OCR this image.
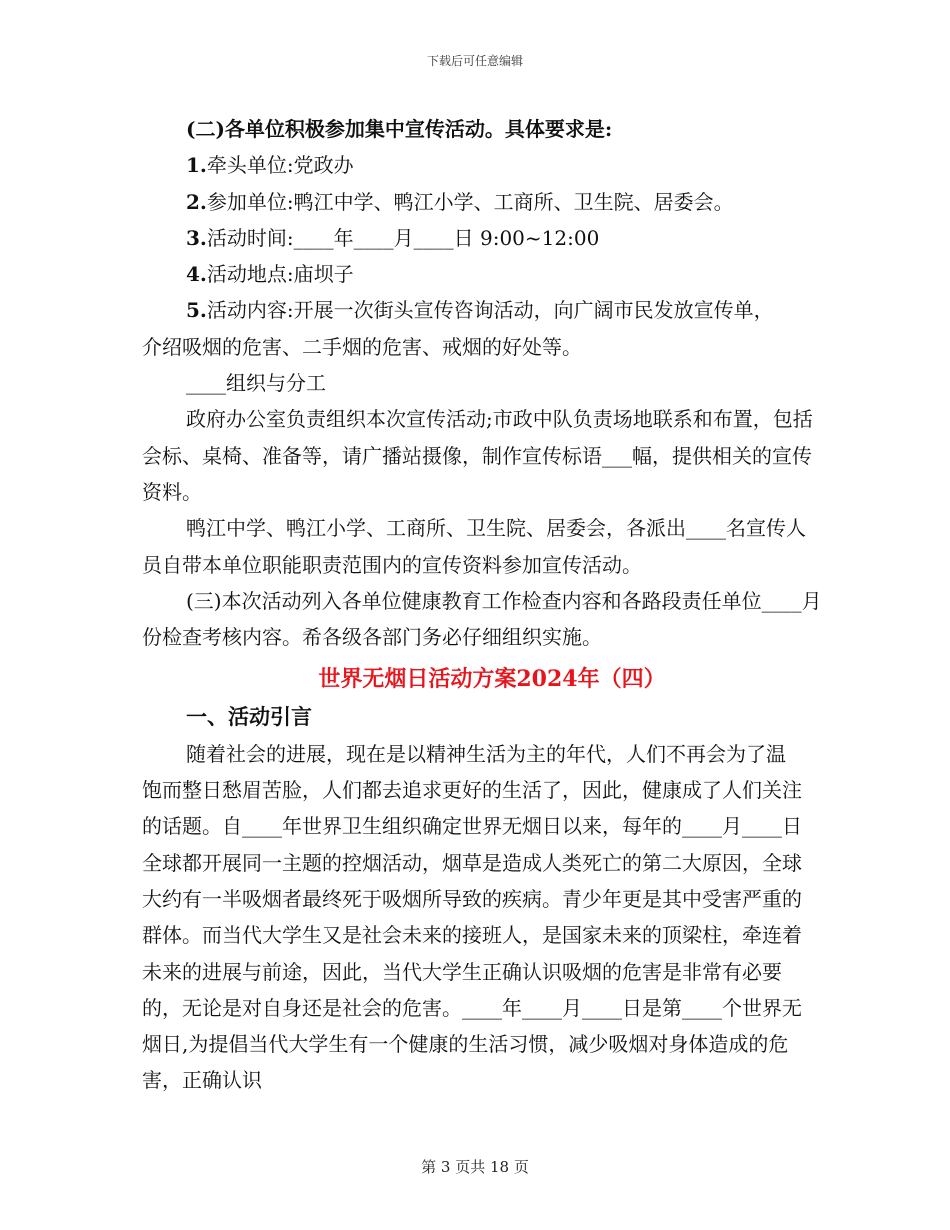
下载后可任意编辑

(二)各单位积极参加集中宣传活动。具体要求是:

1.牵头单位:党政办

2.参加单位:鸭江中学、鸭江小学、工商所、卫生院、居委会。

3.活动时间:____年____月____日 9:00~12:00

4.活动地点:庙坝子

5.活动内容:开展一次街头宣传咨询活动，向广阔市民发放宣传单，

介绍吸烟的危害、二手烟的危害、戒烟的好处等。

____组织与分工

政府办公室负责组织本次宣传活动;市政中队负责场地联系和布置，包括会标、桌椅、准备等，请广播站摄像，制作宣传标语___幅，提供相关的宣传资料。

鸭江中学、鸭江小学、工商所、卫生院、居委会，各派出____名宣传人员自带本单位职能职责范围内的宣传资料参加宣传活动。

(三)本次活动列入各单位健康教育工作检查内容和各路段责任单位____月份检查考核内容。希各级各部门务必仔细组织实施。

世界无烟日活动方案2024年（四）

一、活动引言

随着社会的进展，现在是以精神生活为主的年代，人们不再会为了温饱而整日愁眉苦脸，人们都去追求更好的生活了，因此，健康成了人们关注的话题。自____年世界卫生组织确定世界无烟日以来，每年的____月____日全球都开展同一主题的控烟活动，烟草是造成人类死亡的第二大原因，全球大约有一半吸烟者最终死于吸烟所导致的疾病。青少年更是其中受害严重的群体。而当代大学生又是社会未来的接班人，是国家未来的顶梁柱，牵连着未来的进展与前途，因此，当代大学生正确认识吸烟的危害是非常有必要的，无论是对自身还是社会的危害。____年____月____日是第____个世界无烟日,为提倡当代大学生有一个健康的生活习惯，减少吸烟对身体造成的危害，正确认识

第 3 页共 18 页
